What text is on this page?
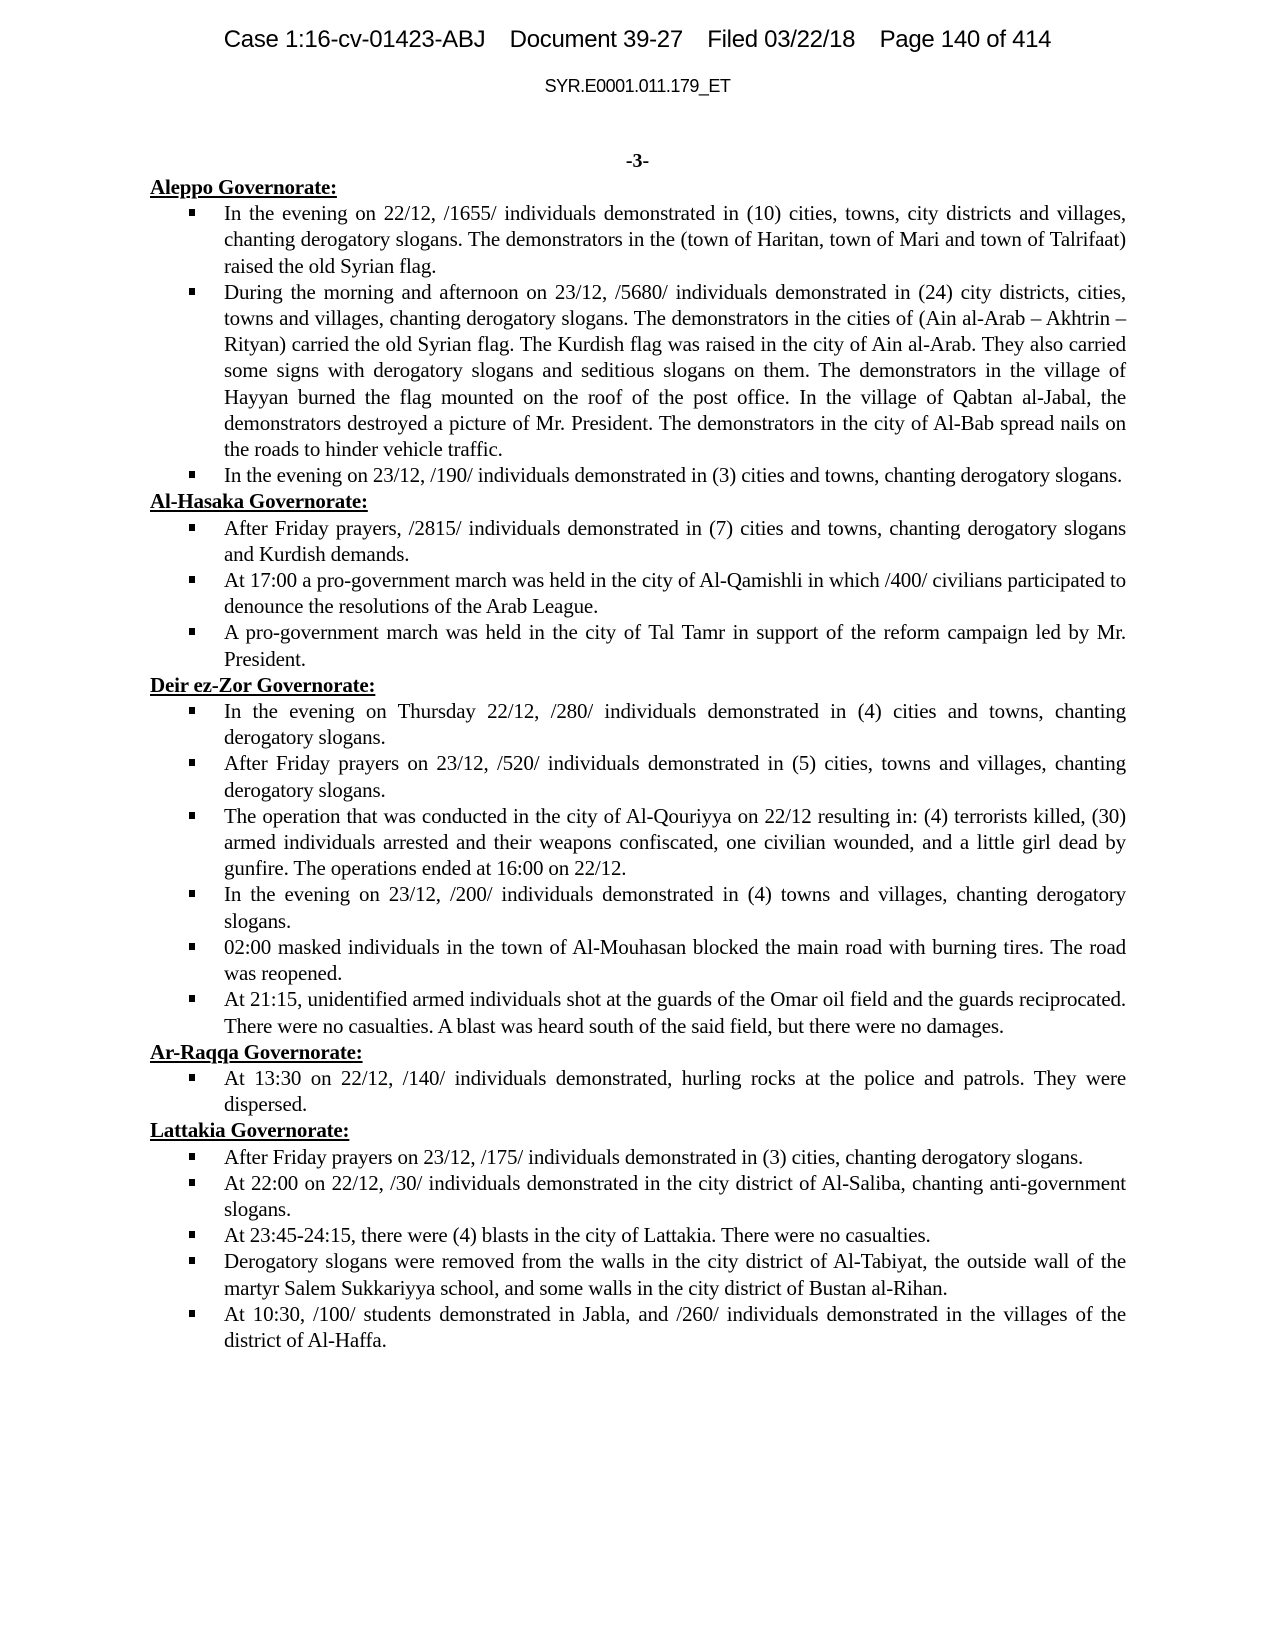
Case 1:16-cv-01423-ABJ Document 39-27 Filed 03/22/18 Page 140 of 414
SYR.E0001.011.179_ET
-3-

Aleppo Governorate:

In the evening on 22/12, /1655/ individuals demonstrated in (10) cities, towns, city districts and villages, chanting derogatory slogans. The demonstrators in the (town of Haritan, town of Mari and town of Talrifaat) raised the old Syrian flag.
During the morning and afternoon on 23/12, /5680/ individuals demonstrated in (24) city districts, cities, towns and villages, chanting derogatory slogans. The demonstrators in the cities of (Ain al-Arab – Akhtrin – Rityan) carried the old Syrian flag. The Kurdish flag was raised in the city of Ain al-Arab. They also carried some signs with derogatory slogans and seditious slogans on them. The demonstrators in the village of Hayyan burned the flag mounted on the roof of the post office. In the village of Qabtan al-Jabal, the demonstrators destroyed a picture of Mr. President. The demonstrators in the city of Al-Bab spread nails on the roads to hinder vehicle traffic.
In the evening on 23/12, /190/ individuals demonstrated in (3) cities and towns, chanting derogatory slogans.

Al-Hasaka Governorate:

After Friday prayers, /2815/ individuals demonstrated in (7) cities and towns, chanting derogatory slogans and Kurdish demands.
At 17:00 a pro-government march was held in the city of Al-Qamishli in which /400/ civilians participated to denounce the resolutions of the Arab League.
A pro-government march was held in the city of Tal Tamr in support of the reform campaign led by Mr. President.

Deir ez-Zor Governorate:

In the evening on Thursday 22/12, /280/ individuals demonstrated in (4) cities and towns, chanting derogatory slogans.
After Friday prayers on 23/12, /520/ individuals demonstrated in (5) cities, towns and villages, chanting derogatory slogans.
The operation that was conducted in the city of Al-Qouriyya on 22/12 resulting in: (4) terrorists killed, (30) armed individuals arrested and their weapons confiscated, one civilian wounded, and a little girl dead by gunfire. The operations ended at 16:00 on 22/12.
In the evening on 23/12, /200/ individuals demonstrated in (4) towns and villages, chanting derogatory slogans.
02:00 masked individuals in the town of Al-Mouhasan blocked the main road with burning tires. The road was reopened.
At 21:15, unidentified armed individuals shot at the guards of the Omar oil field and the guards reciprocated. There were no casualties. A blast was heard south of the said field, but there were no damages.

Ar-Raqqa Governorate:

At 13:30 on 22/12, /140/ individuals demonstrated, hurling rocks at the police and patrols. They were dispersed.

Lattakia Governorate:

After Friday prayers on 23/12, /175/ individuals demonstrated in (3) cities, chanting derogatory slogans.
At 22:00 on 22/12, /30/ individuals demonstrated in the city district of Al-Saliba, chanting anti-government slogans.
At 23:45-24:15, there were (4) blasts in the city of Lattakia. There were no casualties.
Derogatory slogans were removed from the walls in the city district of Al-Tabiyat, the outside wall of the martyr Salem Sukkariyya school, and some walls in the city district of Bustan al-Rihan.
At 10:30, /100/ students demonstrated in Jabla, and /260/ individuals demonstrated in the villages of the district of Al-Haffa.
